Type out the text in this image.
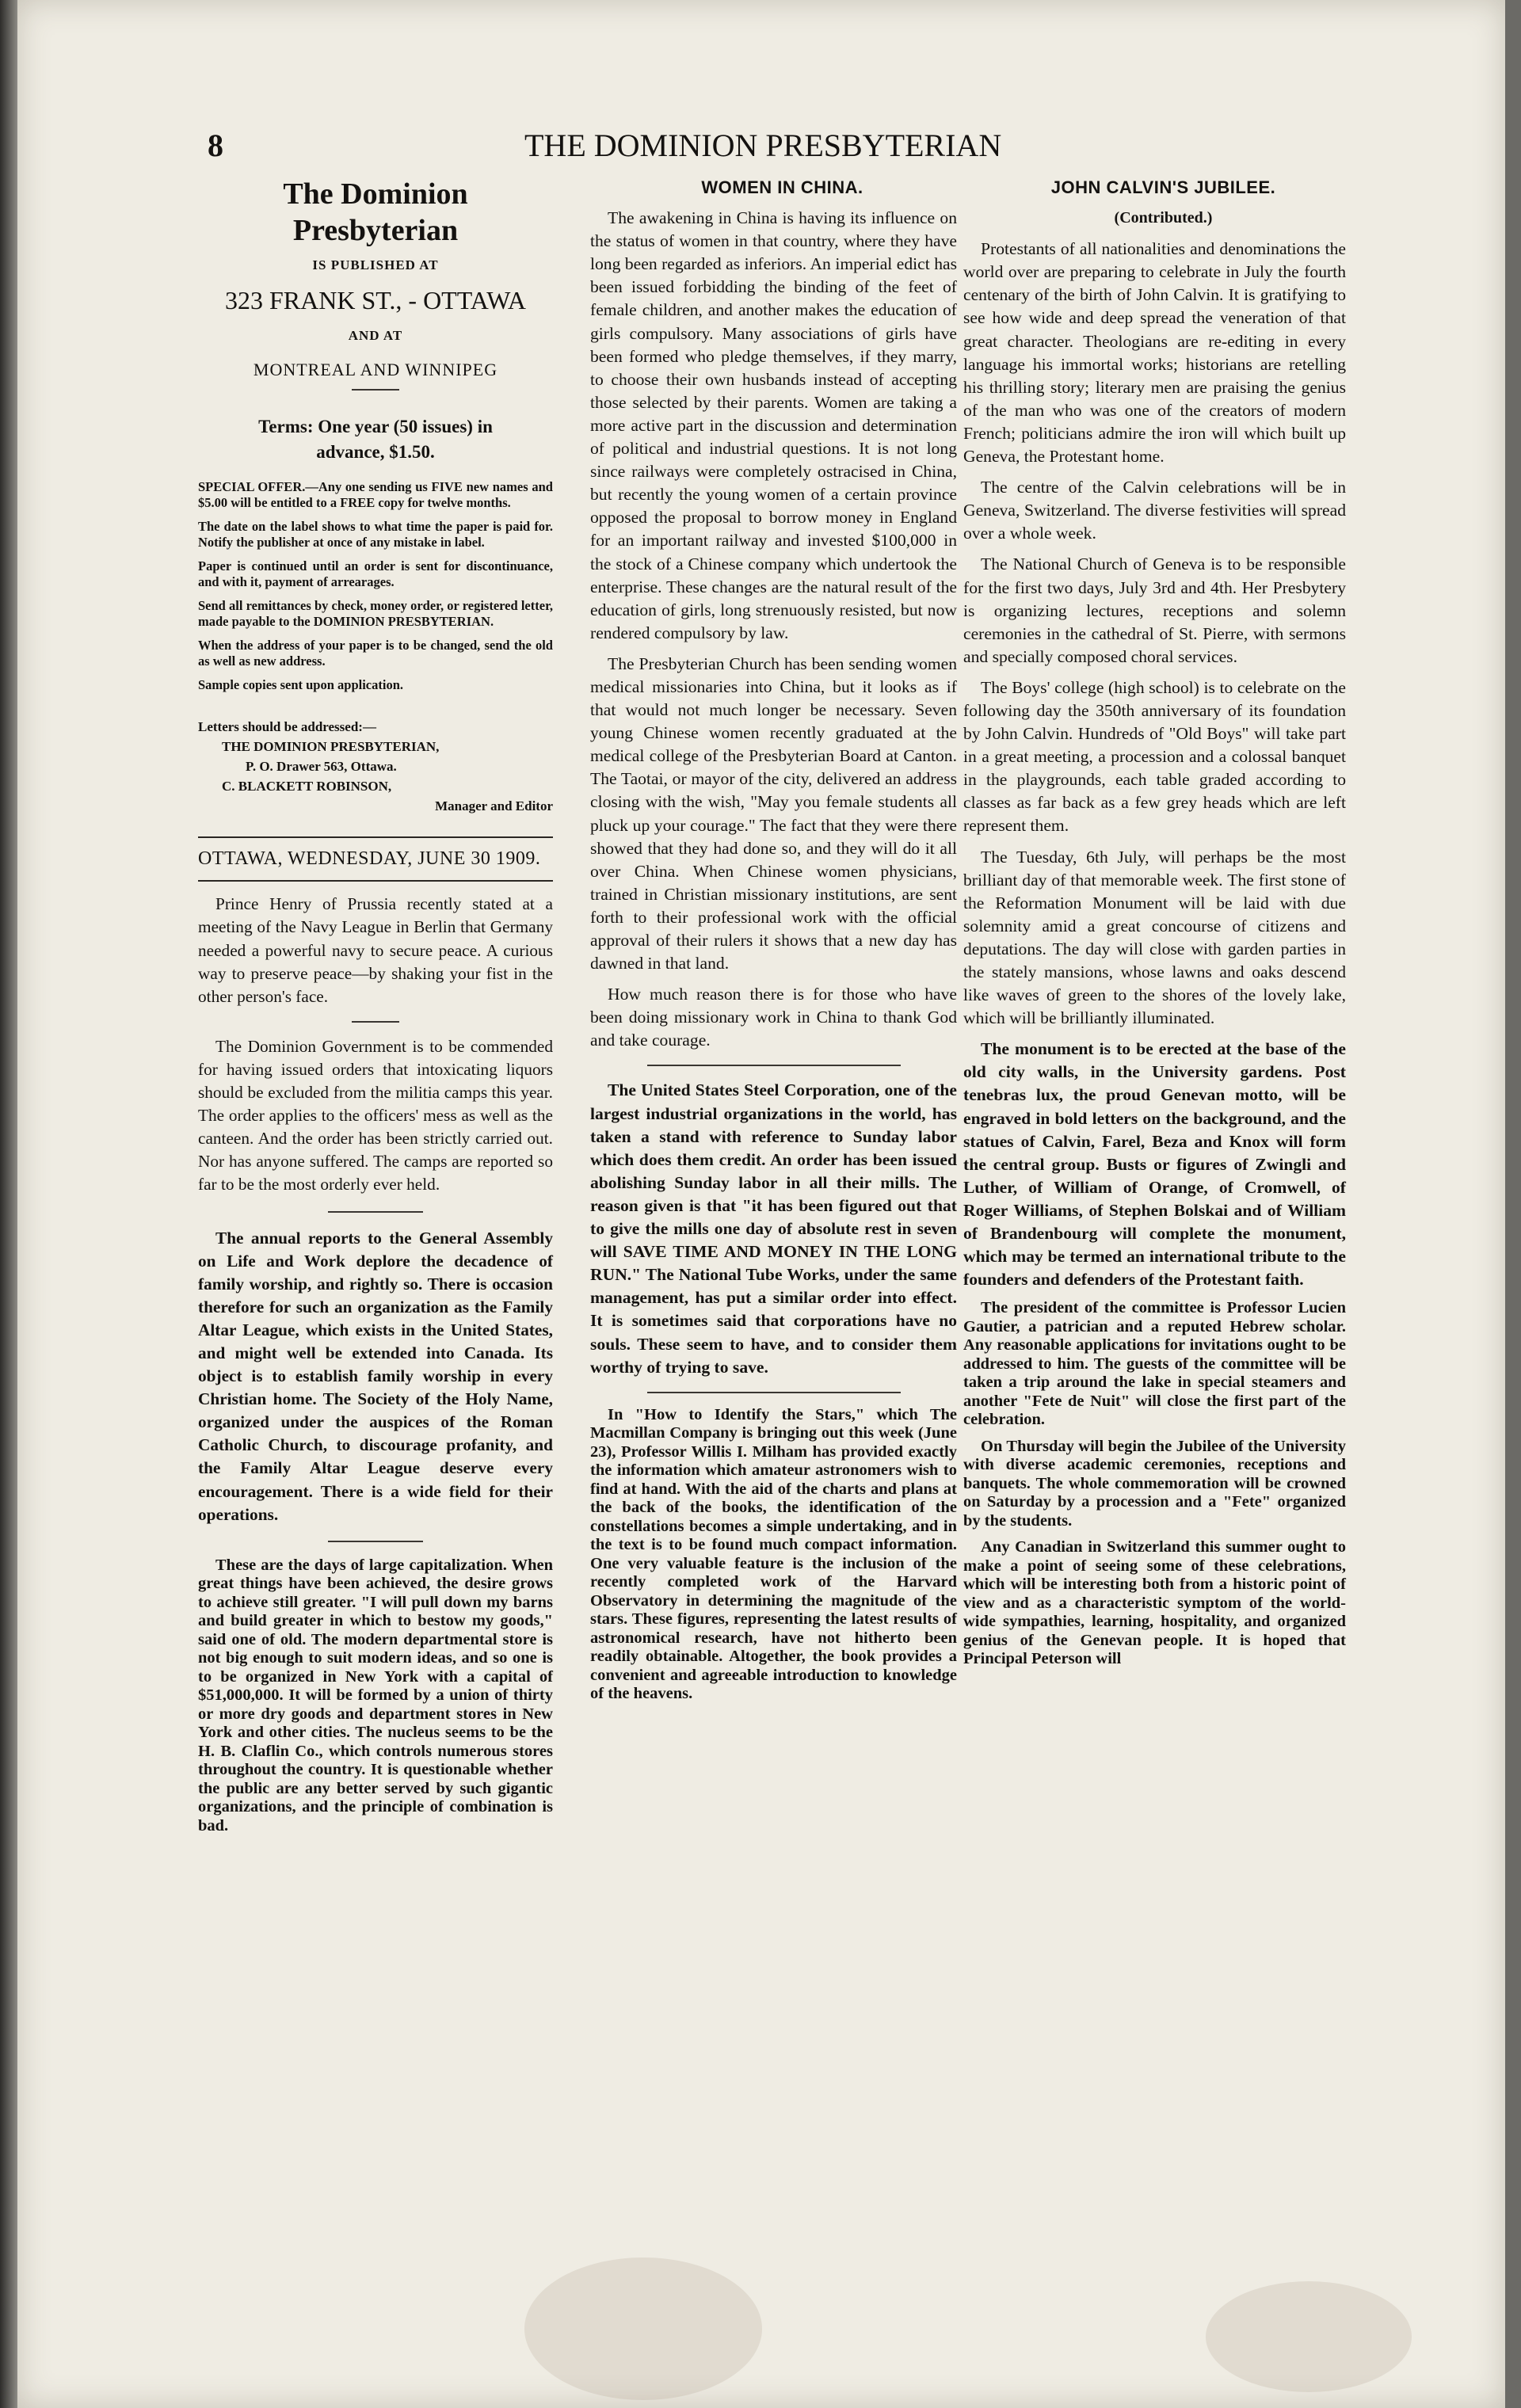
8	THE DOMINION PRESBYTERIAN
The Dominion Presbyterian
IS PUBLISHED AT
323 FRANK ST., - OTTAWA
AND AT
MONTREAL AND WINNIPEG
Terms: One year (50 issues) in
advance, $1.50.

SPECIAL OFFER.—Any one sending us FIVE new names and $5.00 will be entitled to a FREE copy for twelve months.

The date on the label shows to what time the paper is paid for. Notify the publisher at once of any mistake in label.

Paper is continued until an order is sent for discontinuance, and with it, payment of arrearages.

Send all remittances by check, money order, or registered letter, made payable to the DOMINION PRESBYTERIAN.

When the address of your paper is to be changed, send the old as well as new address.

Sample copies sent upon application.

Letters should be addressed:—
THE DOMINION PRESBYTERIAN,
P. O. Drawer 563, Ottawa.
C. BLACKETT ROBINSON,
Manager and Editor
OTTAWA, WEDNESDAY, JUNE 30 1909.

Prince Henry of Prussia recently stated at a meeting of the Navy League in Berlin that Germany needed a powerful navy to secure peace. A curious way to preserve peace—by shaking your fist in the other person's face.

The Dominion Government is to be commended for having issued orders that intoxicating liquors should be excluded from the militia camps this year. The order applies to the officers' mess as well as the canteen. And the order has been strictly carried out. Nor has anyone suffered. The camps are reported so far to be the most orderly ever held.

The annual reports to the General Assembly on Life and Work deplore the decadence of family worship, and rightly so. There is occasion therefore for such an organization as the Family Altar League, which exists in the United States, and might well be extended into Canada. Its object is to establish family worship in every Christian home. The Society of the Holy Name, organized under the auspices of the Roman Catholic Church, to discourage profanity, and the Family Altar League deserve every encouragement. There is a wide field for their operations.

These are the days of large capitalization. When great things have been achieved, the desire grows to achieve still greater. "I will pull down my barns and build greater in which to bestow my goods," said one of old. The modern departmental store is not big enough to suit modern ideas, and so one is to be organized in New York with a capital of $51,000,000. It will be formed by a union of thirty or more dry goods and department stores in New York and other cities. The nucleus seems to be the H. B. Claflin Co., which controls numerous stores throughout the country. It is questionable whether the public are any better served by such gigantic organizations, and the principle of combination is bad.

WOMEN IN CHINA.

The awakening in China is having its influence on the status of women in that country, where they have long been regarded as inferiors. An imperial edict has been issued forbidding the binding of the feet of female children, and another makes the education of girls compulsory. Many associations of girls have been formed who pledge themselves, if they marry, to choose their own husbands instead of accepting those selected by their parents. Women are taking a more active part in the discussion and determination of political and industrial questions. It is not long since railways were completely ostracised in China, but recently the young women of a certain province opposed the proposal to borrow money in England for an important railway and invested $100,000 in the stock of a Chinese company which undertook the enterprise. These changes are the natural result of the education of girls, long strenuously resisted, but now rendered compulsory by law.

The Presbyterian Church has been sending women medical missionaries into China, but it looks as if that would not much longer be necessary. Seven young Chinese women recently graduated at the medical college of the Presbyterian Board at Canton. The Taotai, or mayor of the city, delivered an address closing with the wish, "May you female students all pluck up your courage." The fact that they were there showed that they had done so, and they will do it all over China. When Chinese women physicians, trained in Christian missionary institutions, are sent forth to their professional work with the official approval of their rulers it shows that a new day has dawned in that land.

How much reason there is for those who have been doing missionary work in China to thank God and take courage.

The United States Steel Corporation, one of the largest industrial organizations in the world, has taken a stand with reference to Sunday labor which does them credit. An order has been issued abolishing Sunday labor in all their mills. The reason given is that "it has been figured out that to give the mills one day of absolute rest in seven will SAVE TIME AND MONEY IN THE LONG RUN." The National Tube Works, under the same management, has put a similar order into effect. It is sometimes said that corporations have no souls. These seem to have, and to consider them worthy of trying to save.

In "How to Identify the Stars," which The Macmillan Company is bringing out this week (June 23), Professor Willis I. Milham has provided exactly the information which amateur astronomers wish to find at hand. With the aid of the charts and plans at the back of the books, the identification of the constellations becomes a simple undertaking, and in the text is to be found much compact information. One very valuable feature is the inclusion of the recently completed work of the Harvard Observatory in determining the magnitude of the stars. These figures, representing the latest results of astronomical research, have not hitherto been readily obtainable. Altogether, the book provides a convenient and agreeable introduction to knowledge of the heavens.

JOHN CALVIN'S JUBILEE.

(Contributed.)

Protestants of all nationalities and denominations the world over are preparing to celebrate in July the fourth centenary of the birth of John Calvin. It is gratifying to see how wide and deep spread the veneration of that great character. Theologians are re-editing in every language his immortal works; historians are retelling his thrilling story; literary men are praising the genius of the man who was one of the creators of modern French; politicians admire the iron will which built up Geneva, the Protestant home.

The centre of the Calvin celebrations will be in Geneva, Switzerland. The diverse festivities will spread over a whole week.

The National Church of Geneva is to be responsible for the first two days, July 3rd and 4th. Her Presbytery is organizing lectures, receptions and solemn ceremonies in the cathedral of St. Pierre, with sermons and specially composed choral services.

The Boys' college (high school) is to celebrate on the following day the 350th anniversary of its foundation by John Calvin. Hundreds of "Old Boys" will take part in a great meeting, a procession and a colossal banquet in the playgrounds, each table graded according to classes as far back as a few grey heads which are left represent them.

The Tuesday, 6th July, will perhaps be the most brilliant day of that memorable week. The first stone of the Reformation Monument will be laid with due solemnity amid a great concourse of citizens and deputations. The day will close with garden parties in the stately mansions, whose lawns and oaks descend like waves of green to the shores of the lovely lake, which will be brilliantly illuminated.

The monument is to be erected at the base of the old city walls, in the University gardens. Post tenebras lux, the proud Genevan motto, will be engraved in bold letters on the background, and the statues of Calvin, Farel, Beza and Knox will form the central group. Busts or figures of Zwingli and Luther, of William of Orange, of Cromwell, of Roger Williams, of Stephen Bolskai and of William of Brandenbourg will complete the monument, which may be termed an international tribute to the founders and defenders of the Protestant faith.

The president of the committee is Professor Lucien Gautier, a patrician and a reputed Hebrew scholar. Any reasonable applications for invitations ought to be addressed to him. The guests of the committee will be taken a trip around the lake in special steamers and another "Fete de Nuit" will close the first part of the celebration.

On Thursday will begin the Jubilee of the University with diverse academic ceremonies, receptions and banquets. The whole commemoration will be crowned on Saturday by a procession and a "Fete" organized by the students.

Any Canadian in Switzerland this summer ought to make a point of seeing some of these celebrations, which will be interesting both from a historic point of view and as a characteristic symptom of the world-wide sympathies, learning, hospitality, and organized genius of the Genevan people. It is hoped that Principal Peterson will
